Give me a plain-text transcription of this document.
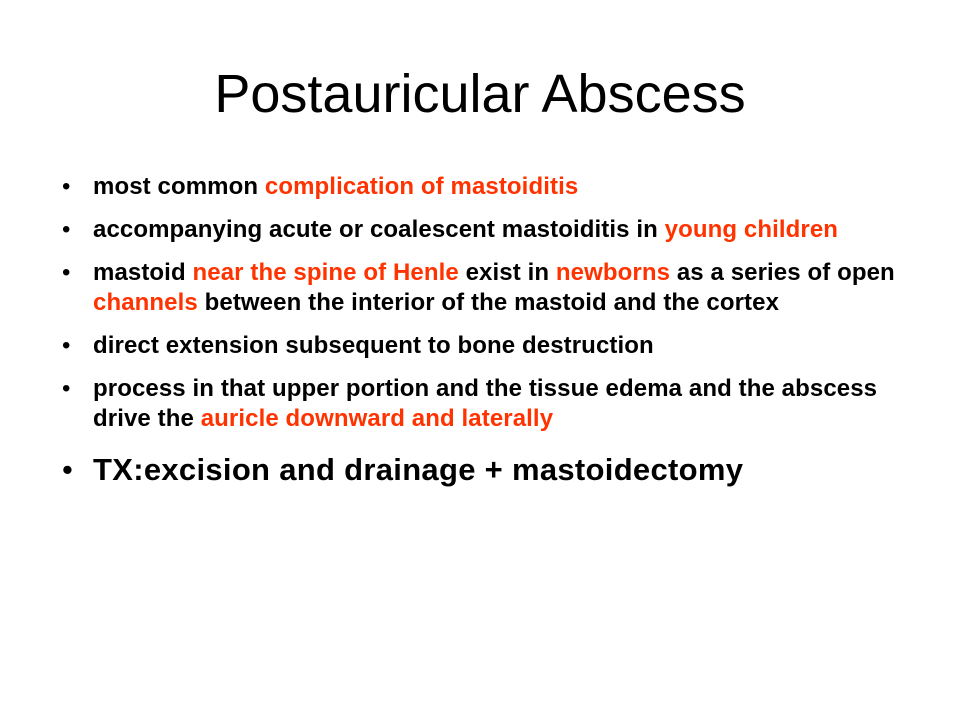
Postauricular Abscess
• most common complication of mastoiditis
• accompanying acute or coalescent mastoiditis in young children
• mastoid near the spine of Henle exist in newborns as a series of open channels between the interior of the mastoid and the cortex
• direct extension subsequent to bone destruction
• process in that upper portion and the tissue edema and the abscess drive the auricle downward and laterally
• TX:excision and drainage + mastoidectomy
